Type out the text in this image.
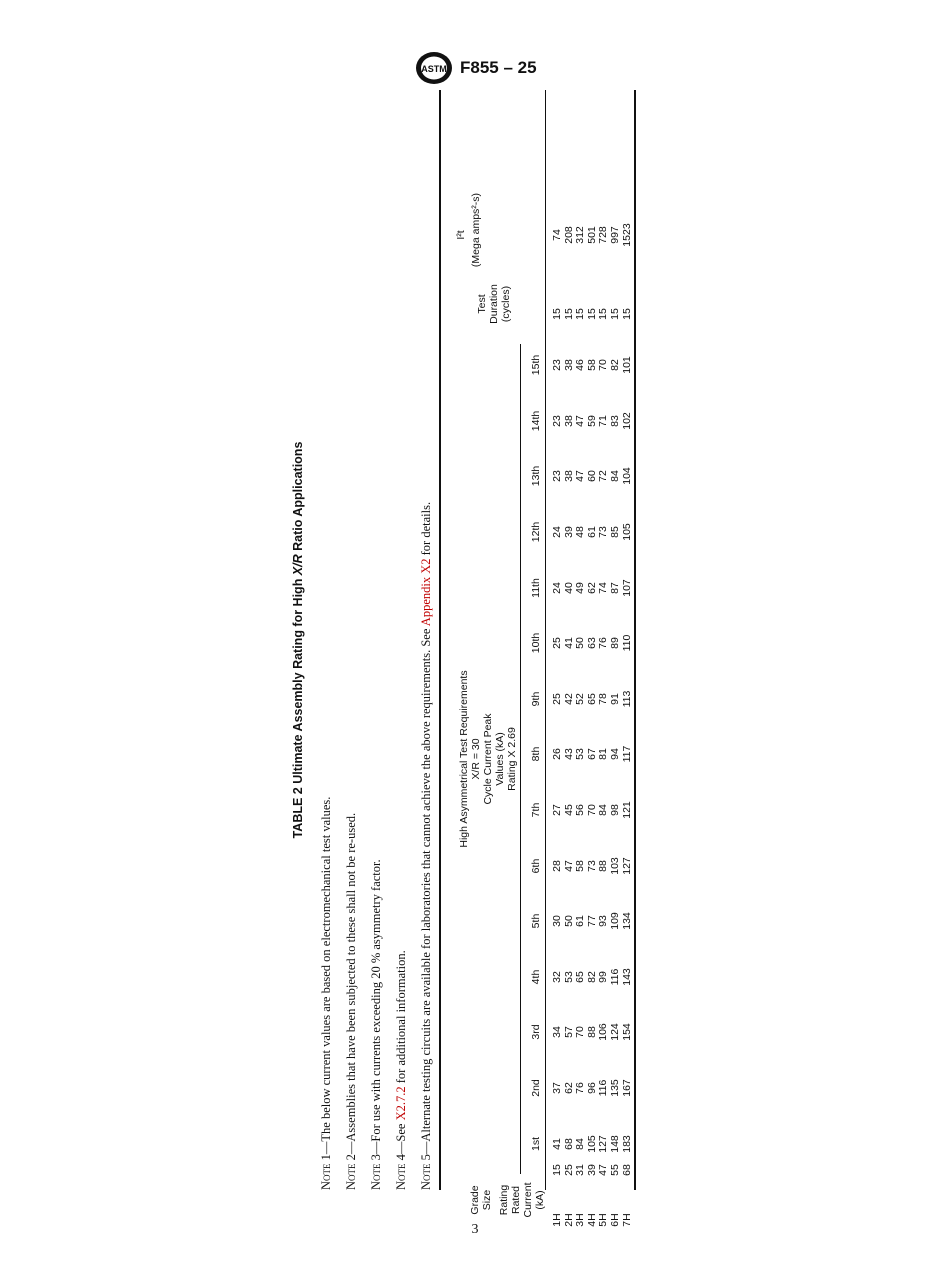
ASTM F855 – 25
TABLE 2 Ultimate Assembly Rating for High X/R Ratio Applications
Note 1—The below current values are based on electromechanical test values.
Note 2—Assemblies that have been subjected to these shall not be re-used.
Note 3—For use with currents exceeding 20 % asymmetry factor.
Note 4—See X2.7.2 for additional information.
Note 5—Alternate testing circuits are available for laboratories that cannot achieve the above requirements. See Appendix X2 for details.
Grade Size Rating Rated Current (kA)
High Asymmetrical Test Requirements X/R = 30 Cycle Current Peak Values (kA) Rating X 2.69
1st
2nd
3rd
4th
5th
6th
7th
8th
9th
10th
11th
12th
13th
14th
15th
Test Duration (cycles)
I²t (Mega amps²-s)
1H
15
41
37
34
32
30
28
27
26
25
25
24
24
23
23
23
15
74
2H
25
68
62
57
53
50
47
45
43
42
41
40
39
38
38
38
15
208
3H
31
84
76
70
65
61
58
56
53
52
50
49
48
47
47
46
15
312
4H
39
105
96
88
82
77
73
70
67
65
63
62
61
60
59
58
15
501
5H
47
127
116
106
99
93
88
84
81
78
76
74
73
72
71
70
15
728
6H
55
148
135
124
116
109
103
98
94
91
89
87
85
84
83
82
15
997
7H
68
183
167
154
143
134
127
121
117
113
110
107
105
104
102
101
15
1523
3
